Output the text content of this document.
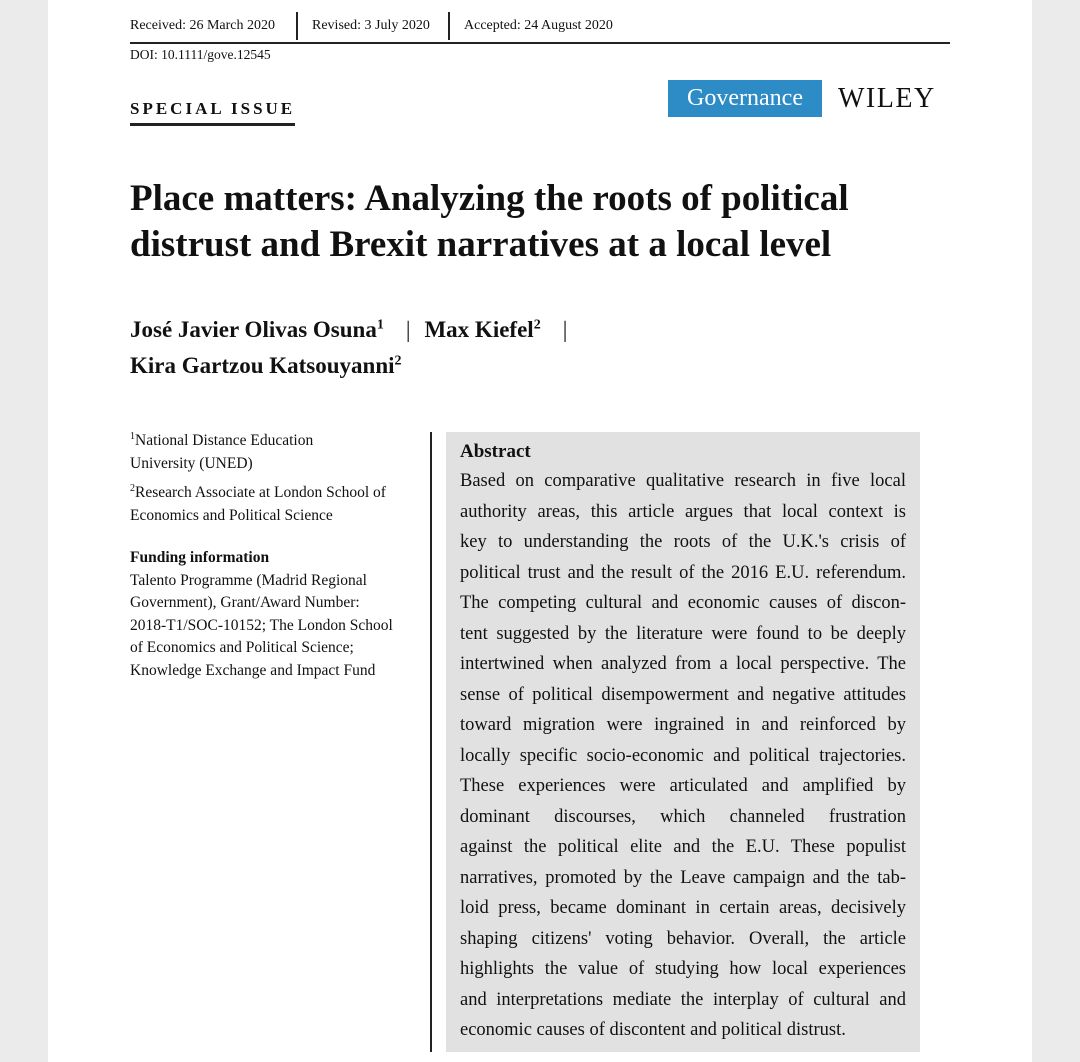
Received: 26 March 2020	Revised: 3 July 2020 Accepted: 24 August 2020
DOI: 10.1111/gove.12545
SPECIAL ISSUE	Governance	WILEY
Place matters: Analyzing the roots of political
distrust and Brexit narratives at a local level
José Javier Olivas Osuna$^1$ | Max Kiefel$^2$ |
Kira Gartzou Katsouyanni$^2$
$^1$National Distance Education
University (UNED)
$^2$Research Associate at London School of
Economics and Political Science
Funding information
Talento Programme (Madrid Regional
Government), Grant/Award Number:
2018-T1/SOC-10152; The London School
of Economics and Political Science;
Knowledge Exchange and Impact Fund
Abstract
Based on comparative qualitative research in five local
authority areas, this article argues that local context is
key to understanding the roots of the U.K.'s crisis of
political trust and the result of the 2016 E.U. referendum.
The competing cultural and economic causes of discon-
tent suggested by the literature were found to be deeply
intertwined when analyzed from a local perspective. The
sense of political disempowerment and negative attitudes
toward migration were ingrained in and reinforced by
locally specific socio-economic and political trajectories.
These experiences were articulated and amplified by
dominant discourses, which channeled frustration
against the political elite and the E.U. These populist
narratives, promoted by the Leave campaign and the tab-
loid press, became dominant in certain areas, decisively
shaping citizens' voting behavior. Overall, the article
highlights the value of studying how local experiences
and interpretations mediate the interplay of cultural and
economic causes of discontent and political distrust.
